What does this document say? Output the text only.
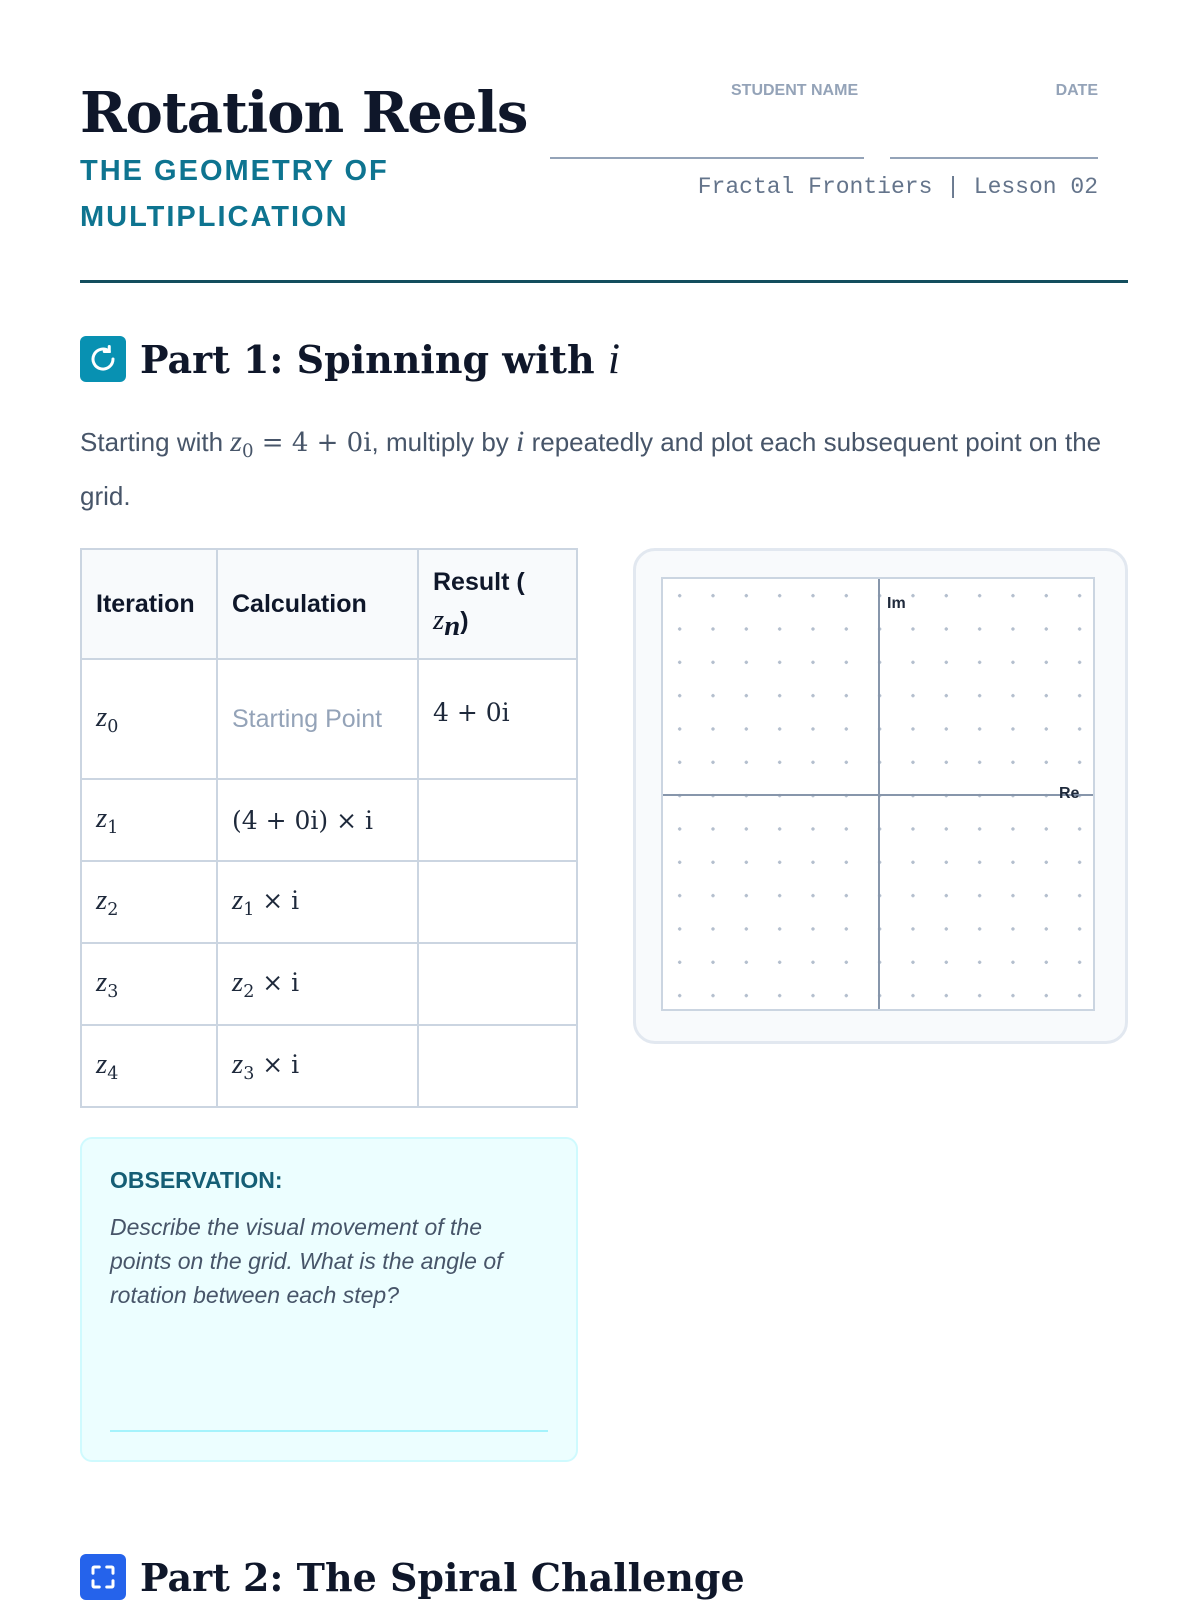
Rotation Reels
THE GEOMETRY OF MULTIPLICATION
STUDENT NAME	DATE
Fractal Frontiers | Lesson 02
Part 1: Spinning with i
Starting with $z_0 = 4 + 0i$, multiply by i repeatedly and plot each subsequent point on the grid.
Iteration	Calculation	Result (
$z_n$)
$z_0$	Starting Point	4 + 0i
$z_1$	(4 + 0i) × i	
$z_2$	$z_1 \times i$	
$z_3$	$z_2 \times i$	
$z_4$	$z_3 \times i$	
Im
Re
OBSERVATION:

Describe the visual movement of the points on the grid. What is the angle of rotation between each step?

Part 2: The Spiral Challenge
